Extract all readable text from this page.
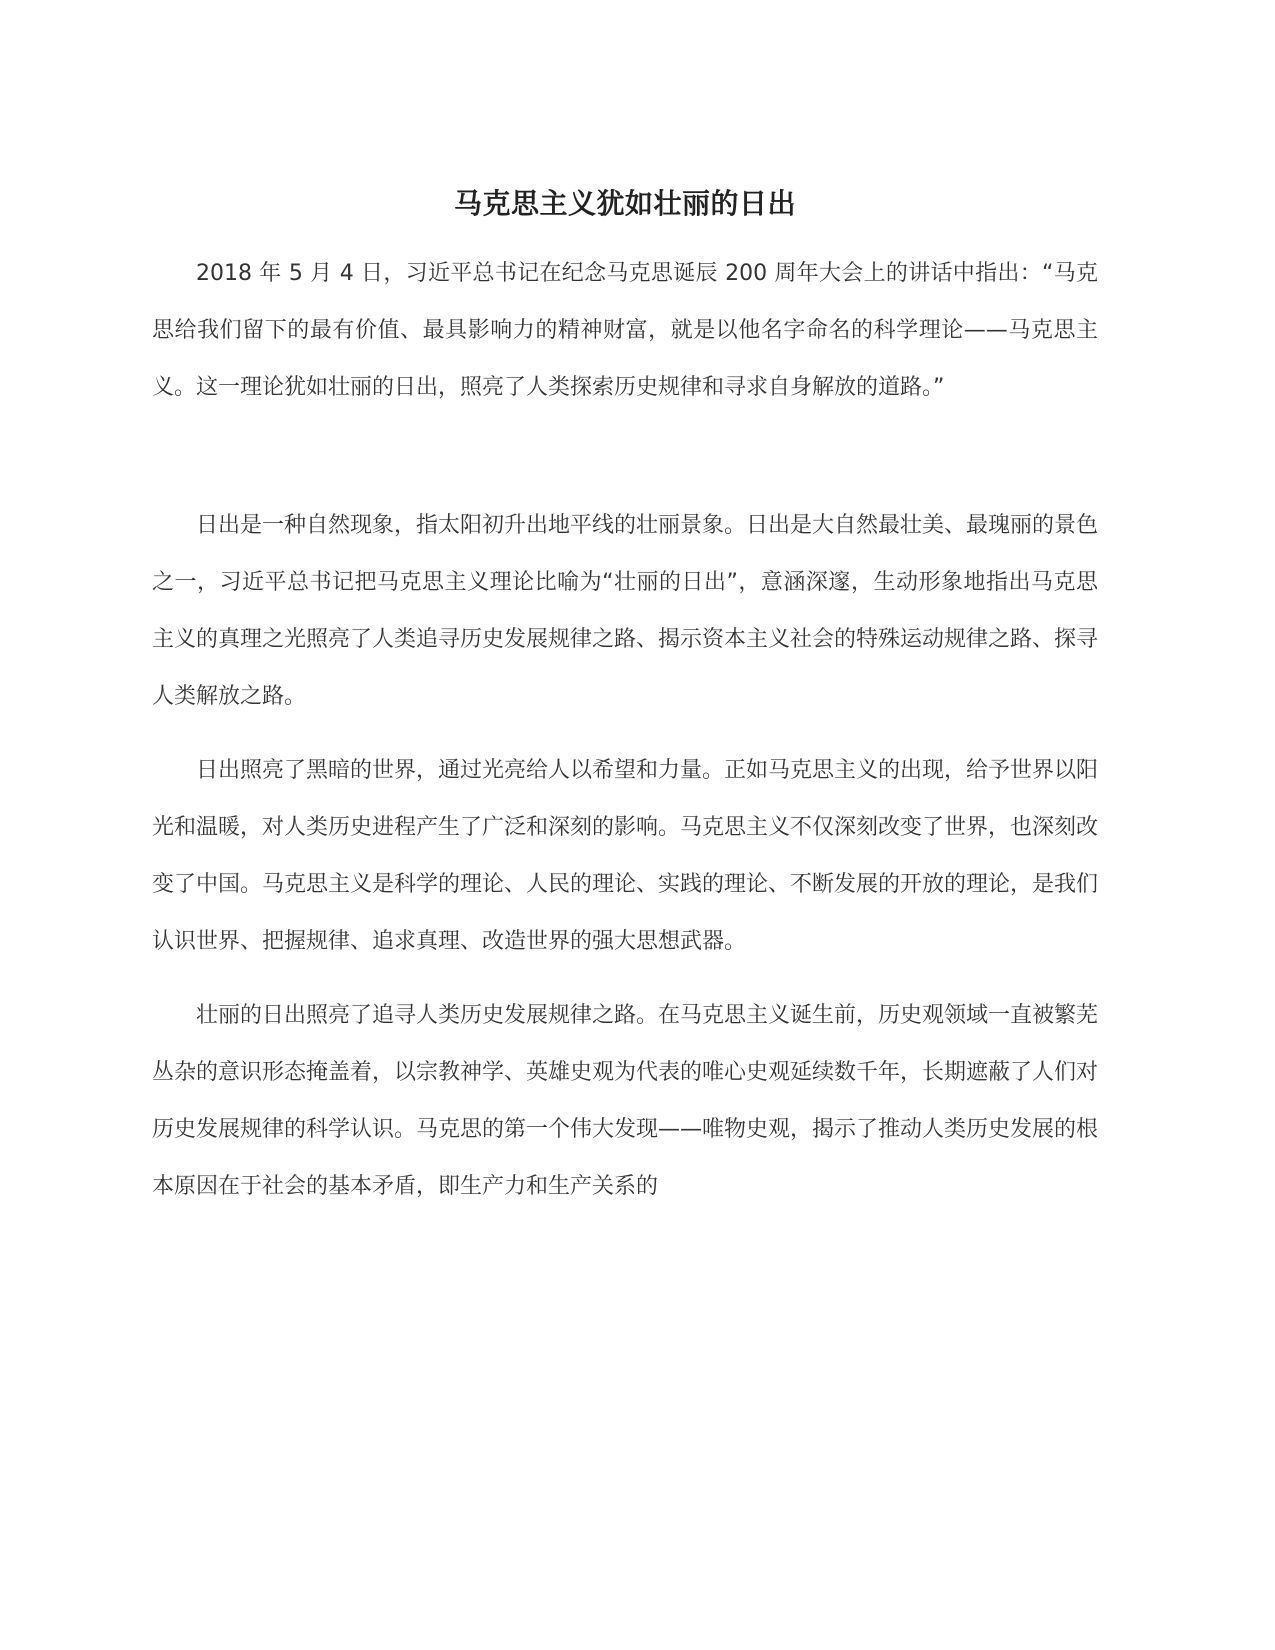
马克思主义犹如壮丽的日出

2018 年 5 月 4 日，习近平总书记在纪念马克思诞辰 200 周年大会上的讲话中指出：“马克思给我们留下的最有价值、最具影响力的精神财富，就是以他名字命名的科学理论——马克思主义。这一理论犹如壮丽的日出，照亮了人类探索历史规律和寻求自身解放的道路。”

日出是一种自然现象，指太阳初升出地平线的壮丽景象。日出是大自然最壮美、最瑰丽的景色之一，习近平总书记把马克思主义理论比喻为“壮丽的日出”，意涵深邃，生动形象地指出马克思主义的真理之光照亮了人类追寻历史发展规律之路、揭示资本主义社会的特殊运动规律之路、探寻人类解放之路。

日出照亮了黑暗的世界，通过光亮给人以希望和力量。正如马克思主义的出现，给予世界以阳光和温暖，对人类历史进程产生了广泛和深刻的影响。马克思主义不仅深刻改变了世界，也深刻改变了中国。马克思主义是科学的理论、人民的理论、实践的理论、不断发展的开放的理论，是我们认识世界、把握规律、追求真理、改造世界的强大思想武器。

壮丽的日出照亮了追寻人类历史发展规律之路。在马克思主义诞生前，历史观领域一直被繁芜丛杂的意识形态掩盖着，以宗教神学、英雄史观为代表的唯心史观延续数千年，长期遮蔽了人们对历史发展规律的科学认识。马克思的第一个伟大发现——唯物史观，揭示了推动人类历史发展的根本原因在于社会的基本矛盾，即生产力和生产关系的
